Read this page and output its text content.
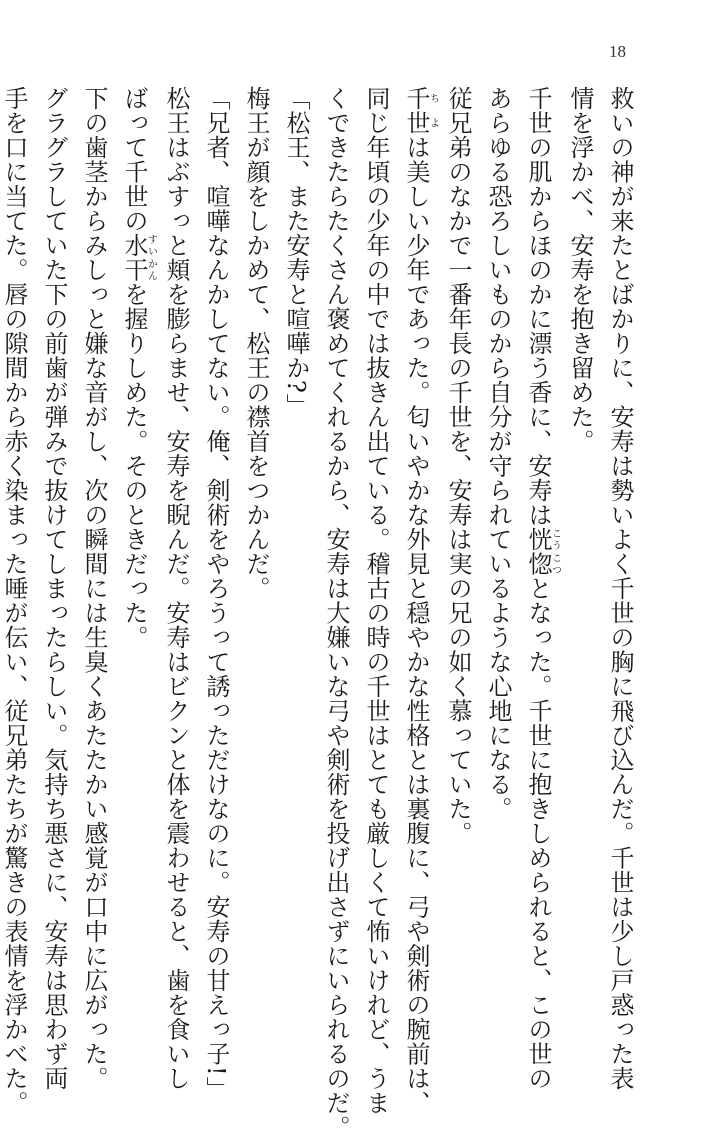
18
救いの神が来たとばかりに、安寿は勢いよく千世の胸に飛び込んだ。千世は少し戸惑った表
情を浮かべ、安寿を抱き留めた。
千世の肌からほのかに漂う香に、安寿は恍惚こうこつとなった。千世に抱きしめられると、この世の
あらゆる恐ろしいものから自分が守られているような心地になる。
従兄弟のなかで一番年長の千世を、安寿は実の兄の如く慕っていた。
千世ちよは美しい少年であった。匂いやかな外見と穏やかな性格とは裏腹に、弓や剣術の腕前は、
同じ年頃の少年の中では抜きん出ている。稽古の時の千世はとても厳しくて怖いけれど、うま
くできたらたくさん褒めてくれるから、安寿は大嫌いな弓や剣術を投げ出さずにいられるのだ。
「松王、また安寿と喧嘩か?」
梅王が顔をしかめて、松王の襟首をつかんだ。
「兄者、喧嘩なんかしてない。俺、剣術をやろうって誘っただけなのに。安寿の甘えっ子!」
松王はぶすっと頬を膨らませ、安寿を睨んだ。安寿はビクンと体を震わせると、歯を食いし
ばって千世の水干すいかんを握りしめた。そのときだった。
下の歯茎からみしっと嫌な音がし、次の瞬間には生臭くあたたかい感覚が口中に広がった。
グラグラしていた下の前歯が弾みで抜けてしまったらしい。気持ち悪さに、安寿は思わず両
手を口に当てた。唇の隙間から赤く染まった唾が伝い、従兄弟たちが驚きの表情を浮かべた。
